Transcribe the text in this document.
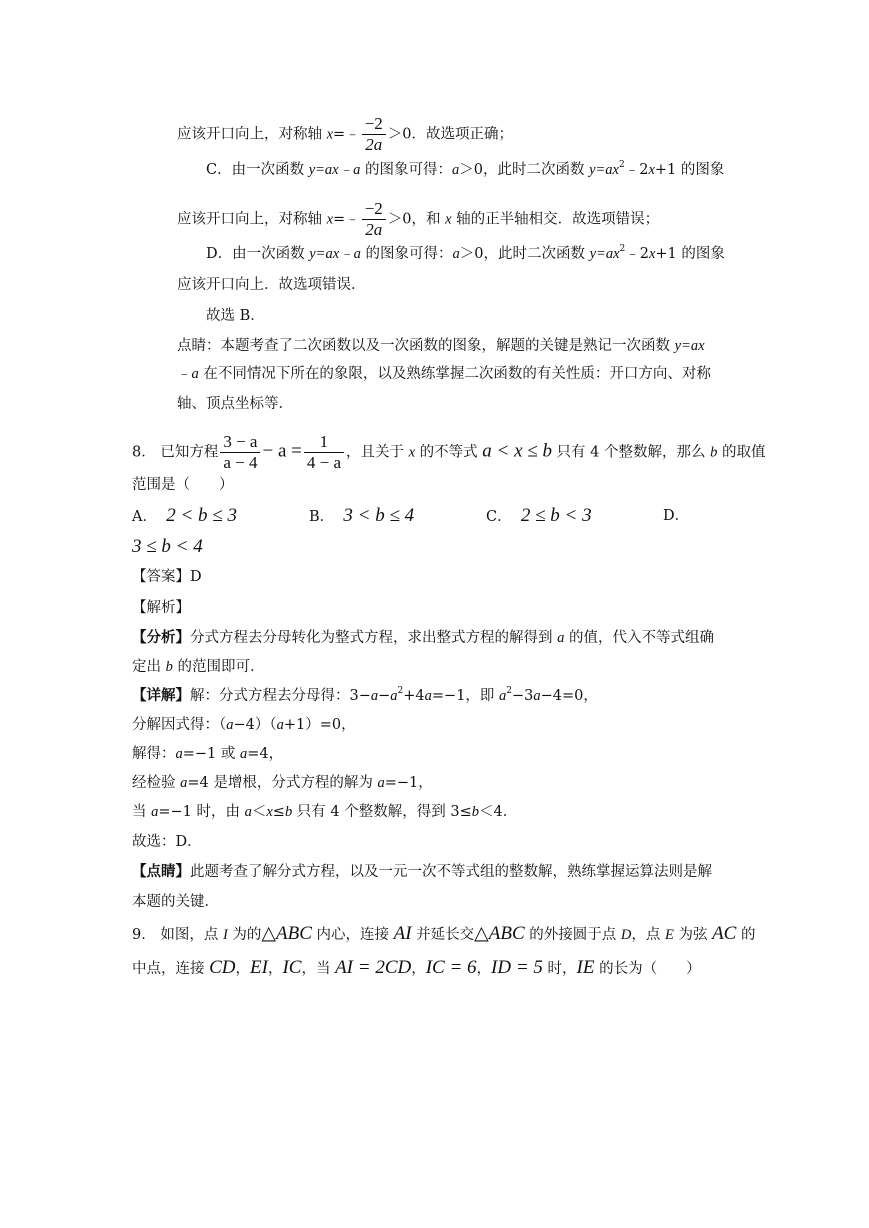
应该开口向上，对称轴 x=﹣ $\frac{-2}{2a} >0$．故选项正确；
C．由一次函数 y=ax﹣a 的图象可得：a＞0，此时二次函数 $y=ax^2﹣2x+1$ 的图象
应该开口向上，对称轴 x=﹣ $\frac{-2}{2a} >0$，和 x 轴的正半轴相交．故选项错误；
D．由一次函数 y=ax﹣a 的图象可得：a＞0，此时二次函数 $y=ax^2﹣2x+1$ 的图象
应该开口向上．故选项错误．
故选 B．
点睛：本题考查了二次函数以及一次函数的图象，解题的关键是熟记一次函数 y=ax
﹣a 在不同情况下所在的象限，以及熟练掌握二次函数的有关性质：开口方向、对称
轴、顶点坐标等．
8． 已知方程 $\frac{3 - a}{a - 4} - a = \frac{1}{4 - a}$ ，且关于 x 的不等式 a < x ≤ b 只有 4 个整数解，那么 b 的取值
范围是（　　）
A． 2 < b ≤ 3	B． 3 < b ≤ 4	C． 2 ≤ b < 3	D．
3 ≤ b < 4
【答案】D
【解析】
【分析】分式方程去分母转化为整式方程，求出整式方程的解得到 a 的值，代入不等式组确
定出 b 的范围即可．
【详解】解：分式方程去分母得：$3-a-a^2+4a=-1$，即 $a^2-3a-4=0$，
分解因式得：（a−4）（a+1）=0，
解得：a=−1 或 a=4，
经检验 a=4 是增根，分式方程的解为 a=−1，
当 a=−1 时，由 a＜x≤b 只有 4 个整数解，得到 3≤b＜4．
故选：D．
【点睛】此题考查了解分式方程，以及一元一次不等式组的整数解，熟练掌握运算法则是解
本题的关键．
9． 如图，点 I 为的△ABC 内心，连接 AI 并延长交△ABC 的外接圆于点 D，点 E 为弦 AC 的
中点，连接 CD，EI，IC，当 AI = 2CD，IC = 6，ID = 5 时，IE 的长为（　　）
